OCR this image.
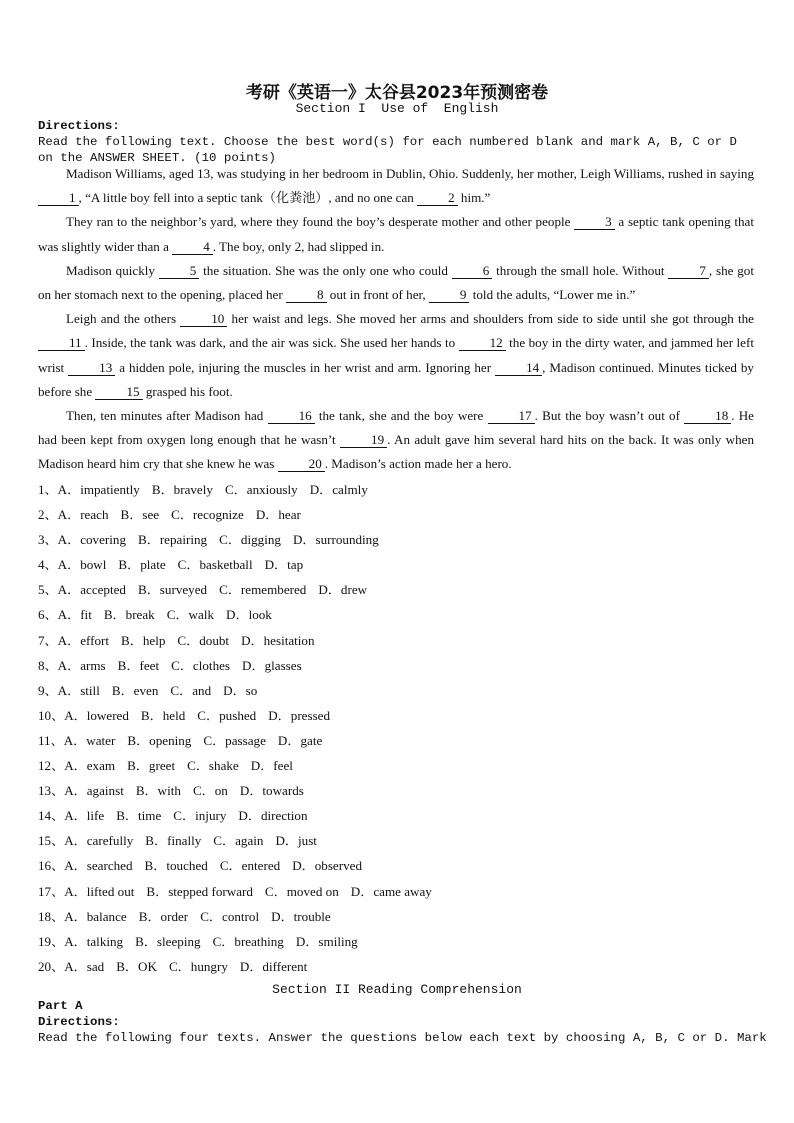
考研《英语一》太谷县2023年预测密卷
Section I  Use of  English
Directions:
Read the following text. Choose the best word(s) for each numbered blank and mark A, B, C or D on the ANSWER SHEET. (10 points)

Madison Williams, aged 13, was studying in her bedroom in Dublin, Ohio. Suddenly, her mother, Leigh Williams, rushed in saying 1 , “A little boy fell into a septic tank（化粪池）, and no one can 2 him.”

They ran to the neighbor’s yard, where they found the boy’s desperate mother and other people 3 a septic tank opening that was slightly wider than a 4 . The boy, only 2, had slipped in.

Madison quickly 5 the situation. She was the only one who could 6 through the small hole. Without 7 , she got on her stomach next to the opening, placed her 8 out in front of her, 9 told the adults, “Lower me in.”

Leigh and the others 10 her waist and legs. She moved her arms and shoulders from side to side until she got through the 11 . Inside, the tank was dark, and the air was sick. She used her hands to 12 the boy in the dirty water, and jammed her left wrist 13 a hidden pole, injuring the muscles in her wrist and arm. Ignoring her 14 , Madison continued. Minutes ticked by before she 15 grasped his foot.

Then, ten minutes after Madison had 16 the tank, she and the boy were 17 . But the boy wasn’t out of 18 . He had been kept from oxygen long enough that he wasn’t 19 . An adult gave him several hard hits on the back. It was only when Madison heard him cry that she knew he was 20 . Madison’s action made her a hero.

1、A．impatiently B．bravely C．anxiously D．calmly
2、A．reach B．see C．recognize D．hear
3、A．covering B．repairing C．digging D．surrounding
4、A．bowl B．plate C．basketball D．tap
5、A．accepted B．surveyed C．remembered D．drew
6、A．fit B．break C．walk D．look
7、A．effort B．help C．doubt D．hesitation
8、A．arms B．feet C．clothes D．glasses
9、A．still B．even C．and D．so
10、A．lowered B．held C．pushed D．pressed
11、A．water B．opening C．passage D．gate
12、A．exam B．greet C．shake D．feel
13、A．against B．with C．on D．towards
14、A．life B．time C．injury D．direction
15、A．carefully B．finally C．again D．just
16、A．searched B．touched C．entered D．observed
17、A．lifted out B．stepped forward C．moved on D．came away
18、A．balance B．order C．control D．trouble
19、A．talking B．sleeping C．breathing D．smiling
20、A．sad B．OK C．hungry D．different
Section II Reading Comprehension
Part A
Directions:
Read the following four texts. Answer the questions below each text by choosing A, B, C or D. Mark
